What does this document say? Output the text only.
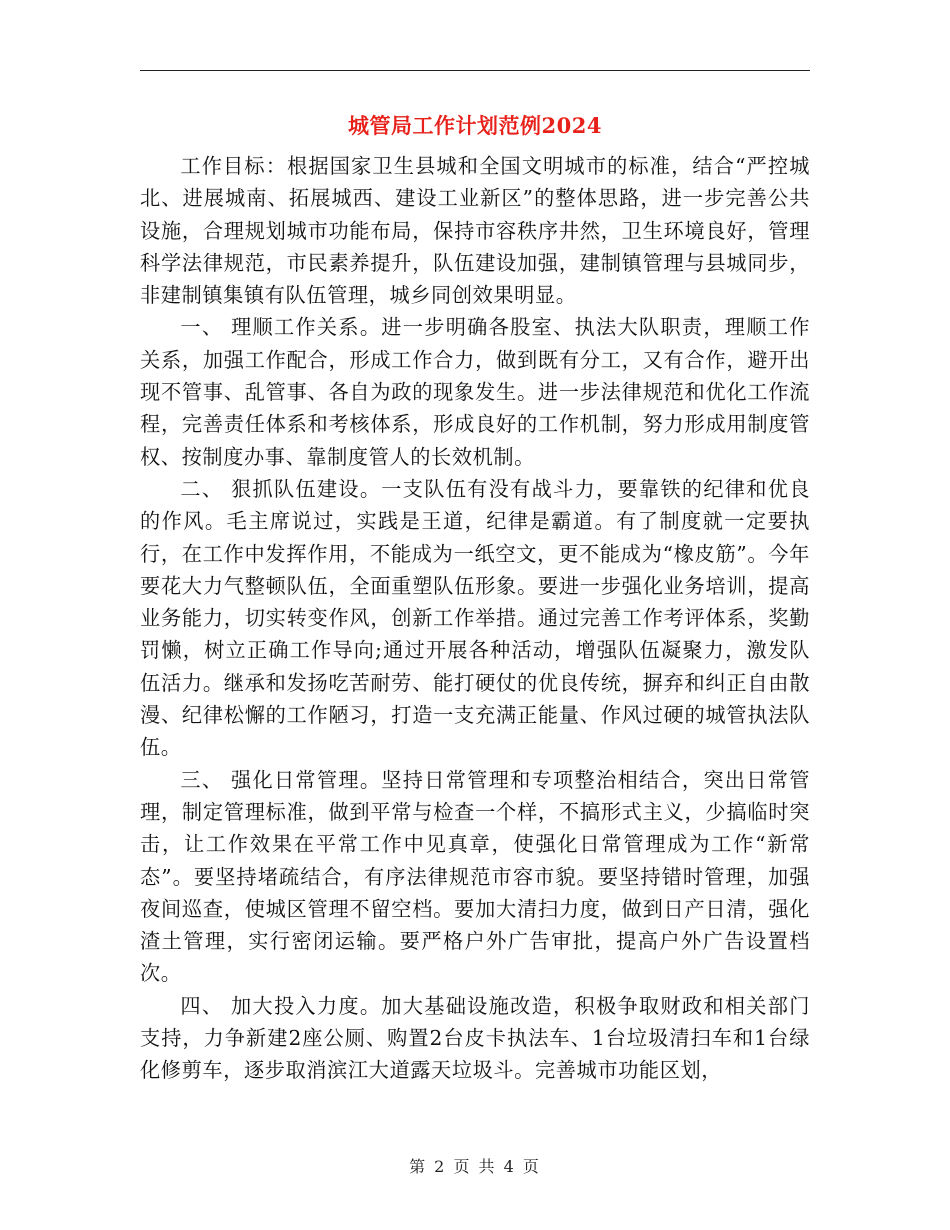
城管局工作计划范例2024

工作目标：根据国家卫生县城和全国文明城市的标准，结合“严控城北、进展城南、拓展城西、建设工业新区”的整体思路，进一步完善公共设施，合理规划城市功能布局，保持市容秩序井然，卫生环境良好，管理科学法律规范，市民素养提升，队伍建设加强，建制镇管理与县城同步，非建制镇集镇有队伍管理，城乡同创效果明显。

一、 理顺工作关系。进一步明确各股室、执法大队职责，理顺工作关系，加强工作配合，形成工作合力，做到既有分工，又有合作，避开出现不管事、乱管事、各自为政的现象发生。进一步法律规范和优化工作流程，完善责任体系和考核体系，形成良好的工作机制，努力形成用制度管权、按制度办事、靠制度管人的长效机制。

二、 狠抓队伍建设。一支队伍有没有战斗力，要靠铁的纪律和优良的作风。毛主席说过，实践是王道，纪律是霸道。有了制度就一定要执行，在工作中发挥作用，不能成为一纸空文，更不能成为“橡皮筋”。今年要花大力气整顿队伍，全面重塑队伍形象。要进一步强化业务培训，提高业务能力，切实转变作风，创新工作举措。通过完善工作考评体系，奖勤罚懒，树立正确工作导向;通过开展各种活动，增强队伍凝聚力，激发队伍活力。继承和发扬吃苦耐劳、能打硬仗的优良传统，摒弃和纠正自由散漫、纪律松懈的工作陋习，打造一支充满正能量、作风过硬的城管执法队伍。

三、 强化日常管理。坚持日常管理和专项整治相结合，突出日常管理，制定管理标准，做到平常与检查一个样，不搞形式主义，少搞临时突击，让工作效果在平常工作中见真章，使强化日常管理成为工作“新常态”。要坚持堵疏结合，有序法律规范市容市貌。要坚持错时管理，加强夜间巡查，使城区管理不留空档。要加大清扫力度，做到日产日清，强化渣土管理，实行密闭运输。要严格户外广告审批，提高户外广告设置档次。

四、 加大投入力度。加大基础设施改造，积极争取财政和相关部门支持，力争新建2座公厕、购置2台皮卡执法车、1台垃圾清扫车和1台绿化修剪车，逐步取消滨江大道露天垃圾斗。完善城市功能区划，

第 2 页 共 4 页
